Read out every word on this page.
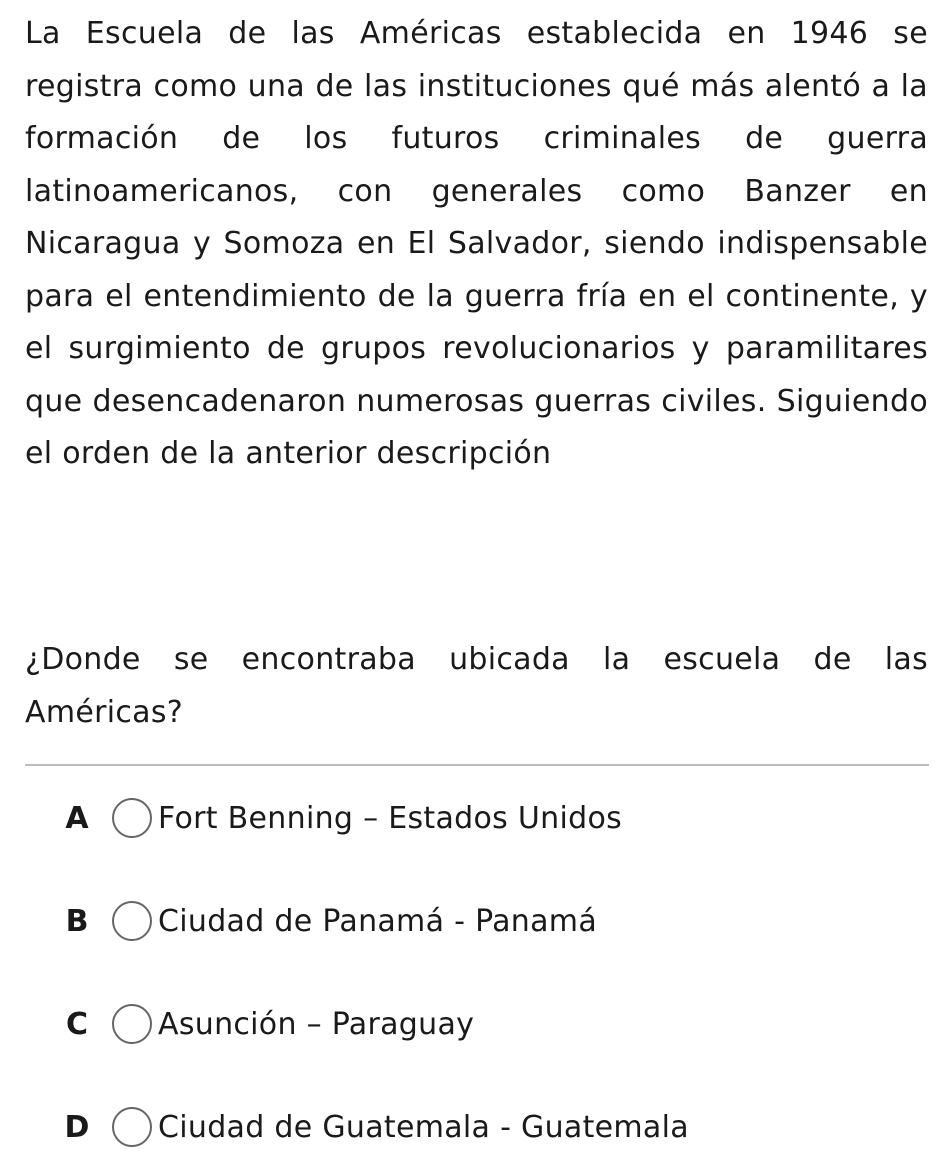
La Escuela de las Américas establecida en 1946 se registra como una de las instituciones qué más alentó a la formación de los futuros criminales de guerra latinoamericanos, con generales como Banzer en Nicaragua y Somoza en El Salvador, siendo indispensable para el entendimiento de la guerra fría en el continente, y el surgimiento de grupos revolucionarios y paramilitares que desencadenaron numerosas guerras civiles. Siguiendo el orden de la anterior descripción

¿Donde se encontraba ubicada la escuela de las Américas?

A Fort Benning – Estados Unidos
B Ciudad de Panamá - Panamá
C Asunción – Paraguay
D Ciudad de Guatemala - Guatemala
